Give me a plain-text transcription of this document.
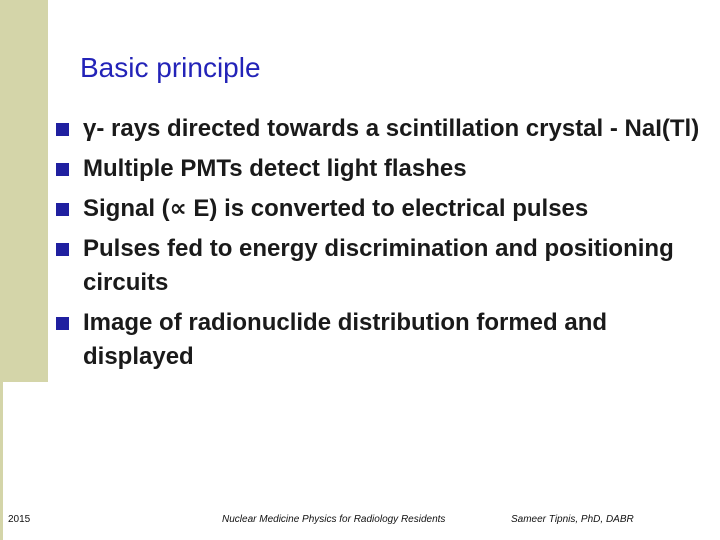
Basic principle
γ- rays directed towards a scintillation crystal - NaI(Tl)
Multiple PMTs detect light flashes
Signal (∝ E) is converted to electrical pulses
Pulses fed to energy discrimination and positioning circuits
Image of radionuclide distribution formed and displayed
2015	Nuclear Medicine Physics for Radiology Residents	Sameer Tipnis, PhD, DABR
